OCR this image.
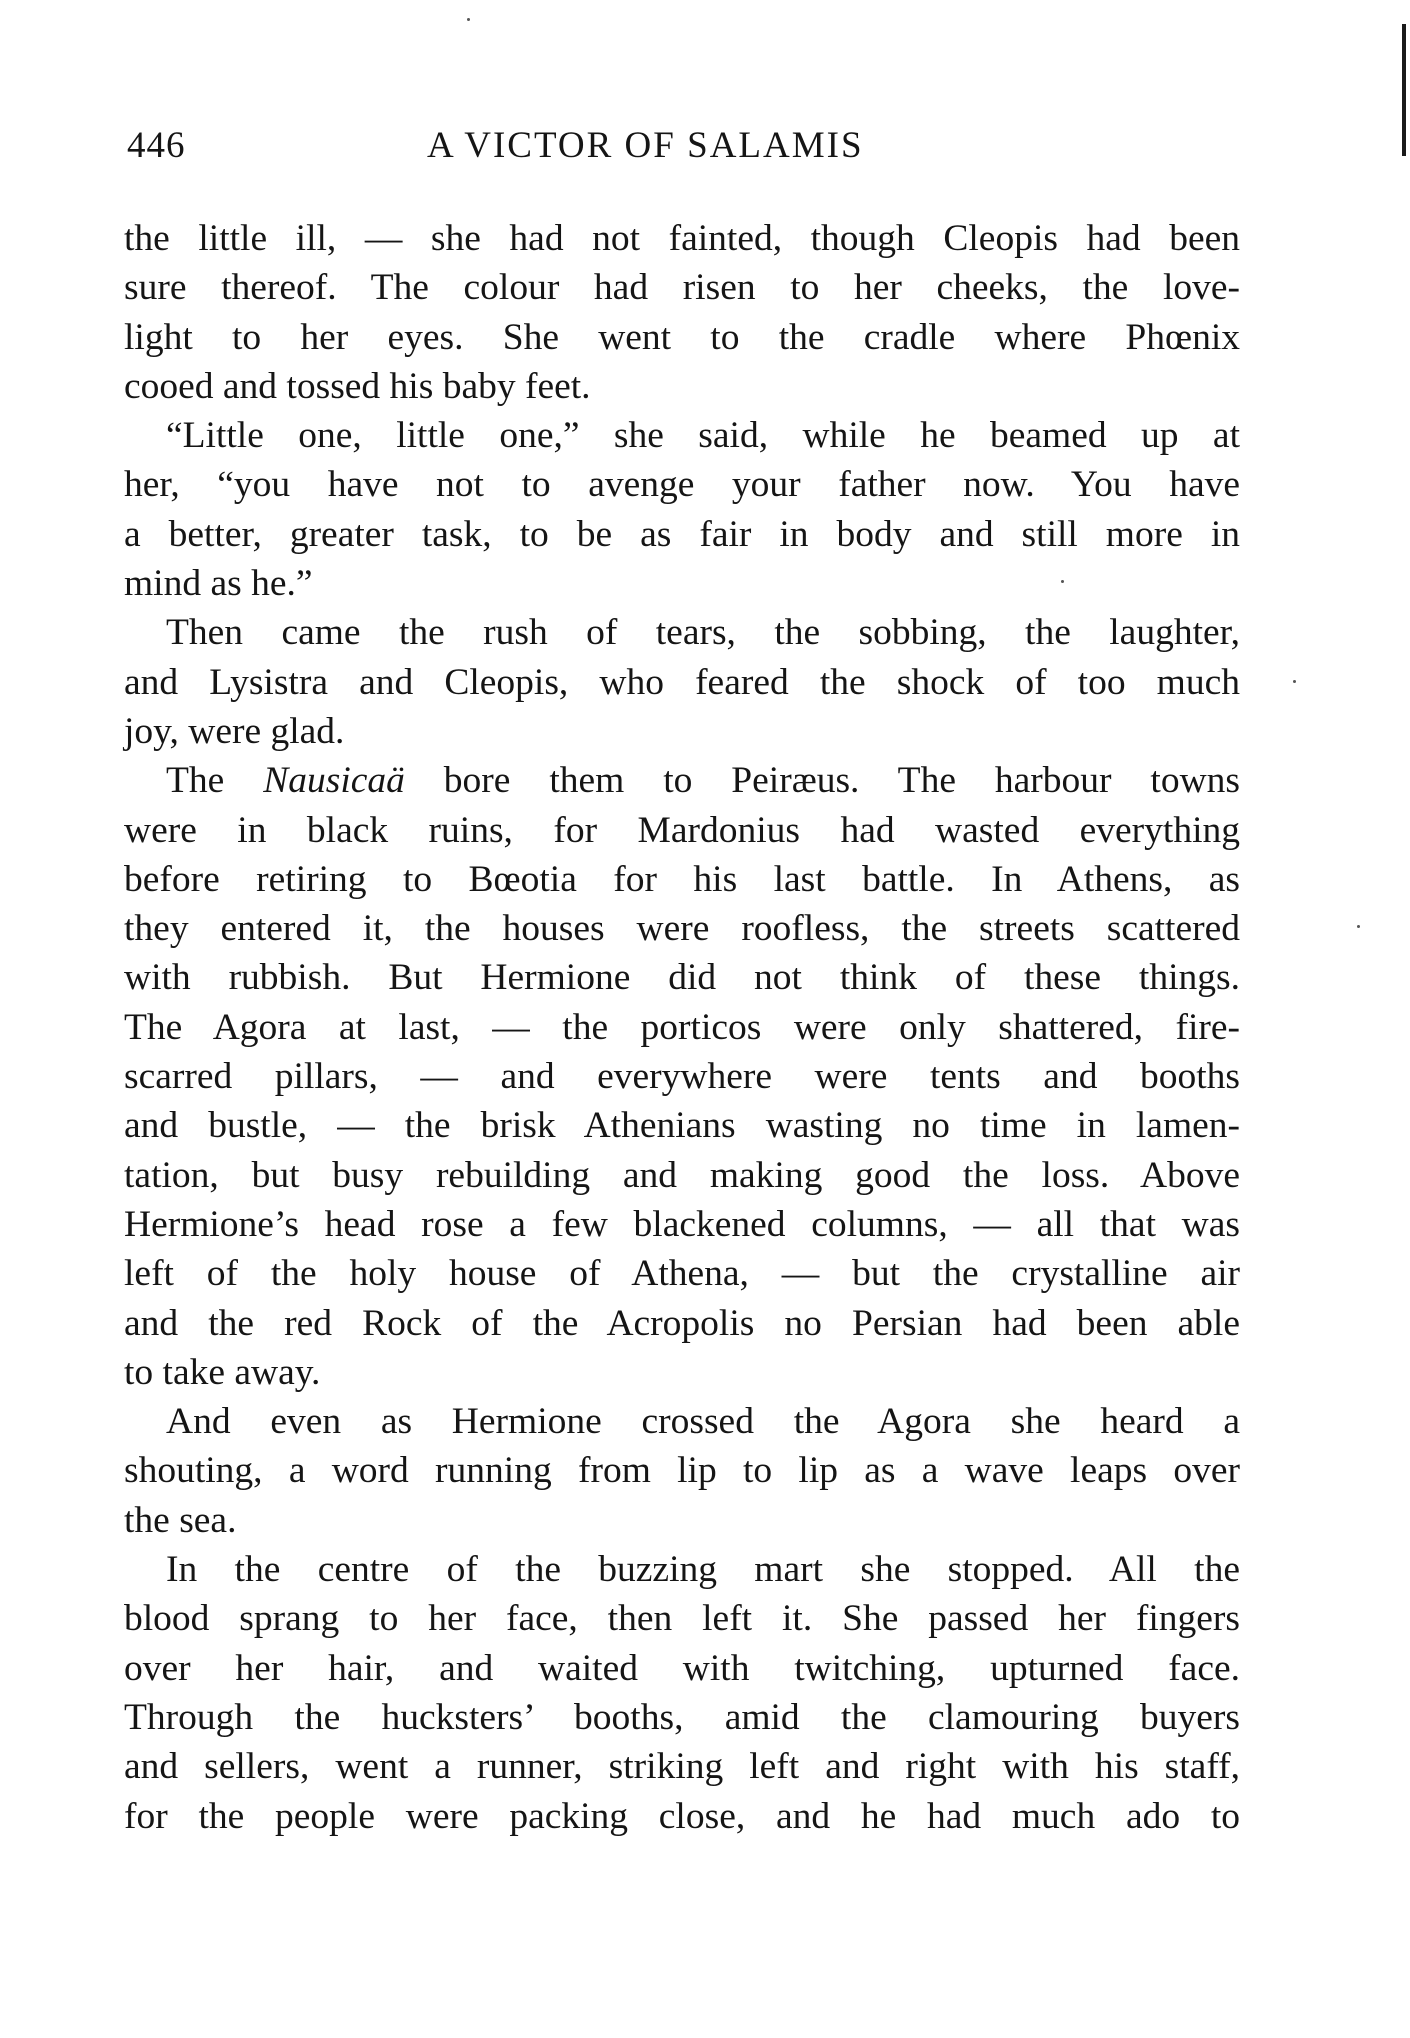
446	A VICTOR OF SALAMIS

the little ill, — she had not fainted, though Cleopis had been

sure thereof. The colour had risen to her cheeks, the love-

light to her eyes. She went to the cradle where Phœnix

cooed and tossed his baby feet.

“Little one, little one,” she said, while he beamed up at

her, “you have not to avenge your father now. You have

a better, greater task, to be as fair in body and still more in

mind as he.”

Then came the rush of tears, the sobbing, the laughter,

and Lysistra and Cleopis, who feared the shock of too much

joy, were glad.

The Nausicaä bore them to Peiræus. The harbour towns

were in black ruins, for Mardonius had wasted everything

before retiring to Bœotia for his last battle. In Athens, as

they entered it, the houses were roofless, the streets scattered

with rubbish. But Hermione did not think of these things.

The Agora at last, — the porticos were only shattered, fire-

scarred pillars, — and everywhere were tents and booths

and bustle, — the brisk Athenians wasting no time in lamen-

tation, but busy rebuilding and making good the loss. Above

Hermione’s head rose a few blackened columns, — all that was

left of the holy house of Athena, — but the crystalline air

and the red Rock of the Acropolis no Persian had been able

to take away.

And even as Hermione crossed the Agora she heard a

shouting, a word running from lip to lip as a wave leaps over

the sea.

In the centre of the buzzing mart she stopped. All the

blood sprang to her face, then left it. She passed her fingers

over her hair, and waited with twitching, upturned face.

Through the hucksters’ booths, amid the clamouring buyers

and sellers, went a runner, striking left and right with his staff,

for the people were packing close, and he had much ado to
